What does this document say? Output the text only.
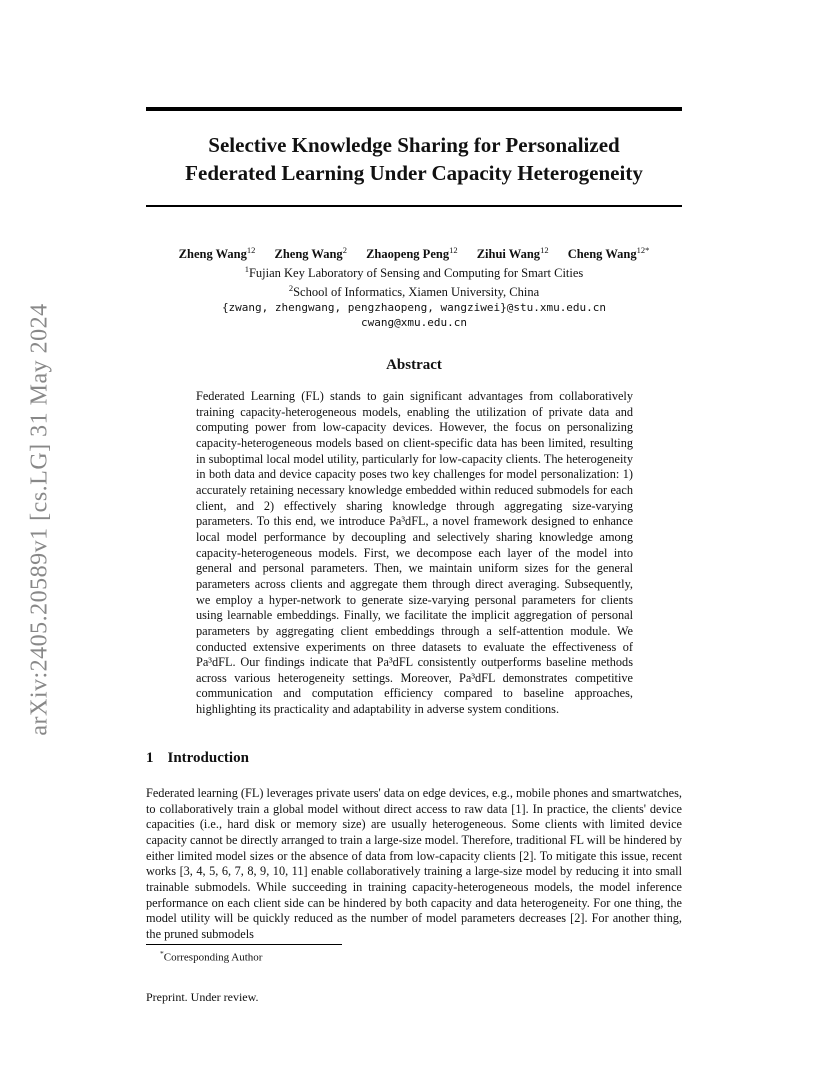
arXiv:2405.20589v1 [cs.LG] 31 May 2024
Selective Knowledge Sharing for Personalized
Federated Learning Under Capacity Heterogeneity
Zheng Wang$^{12}$ Zheng Wang$^2$ Zhaopeng Peng$^{12}$ Zihui Wang$^{12}$ Cheng Wang$^{12*}$
$^1$Fujian Key Laboratory of Sensing and Computing for Smart Cities
$^2$School of Informatics, Xiamen University, China
{zwang, zhengwang, pengzhaopeng, wangziwei}@stu.xmu.edu.cn
cwang@xmu.edu.cn
Abstract

Federated Learning (FL) stands to gain significant advantages from collaboratively training capacity-heterogeneous models, enabling the utilization of private data and computing power from low-capacity devices. However, the focus on personalizing capacity-heterogeneous models based on client-specific data has been limited, resulting in suboptimal local model utility, particularly for low-capacity clients. The heterogeneity in both data and device capacity poses two key challenges for model personalization: 1) accurately retaining necessary knowledge embedded within reduced submodels for each client, and 2) effectively sharing knowledge through aggregating size-varying parameters. To this end, we introduce Pa³dFL, a novel framework designed to enhance local model performance by decoupling and selectively sharing knowledge among capacity-heterogeneous models. First, we decompose each layer of the model into general and personal parameters. Then, we maintain uniform sizes for the general parameters across clients and aggregate them through direct averaging. Subsequently, we employ a hyper-network to generate size-varying personal parameters for clients using learnable embeddings. Finally, we facilitate the implicit aggregation of personal parameters by aggregating client embeddings through a self-attention module. We conducted extensive experiments on three datasets to evaluate the effectiveness of Pa³dFL. Our findings indicate that Pa³dFL consistently outperforms baseline methods across various heterogeneity settings. Moreover, Pa³dFL demonstrates competitive communication and computation efficiency compared to baseline approaches, highlighting its practicality and adaptability in adverse system conditions.

1 Introduction

Federated learning (FL) leverages private users' data on edge devices, e.g., mobile phones and smartwatches, to collaboratively train a global model without direct access to raw data [1]. In practice, the clients' device capacities (i.e., hard disk or memory size) are usually heterogeneous. Some clients with limited device capacity cannot be directly arranged to train a large-size model. Therefore, traditional FL will be hindered by either limited model sizes or the absence of data from low-capacity clients [2]. To mitigate this issue, recent works [3, 4, 5, 6, 7, 8, 9, 10, 11] enable collaboratively training a large-size model by reducing it into small trainable submodels. While succeeding in training capacity-heterogeneous models, the model inference performance on each client side can be hindered by both capacity and data heterogeneity. For one thing, the model utility will be quickly reduced as the number of model parameters decreases [2]. For another thing, the pruned submodels

*Corresponding Author

Preprint. Under review.
